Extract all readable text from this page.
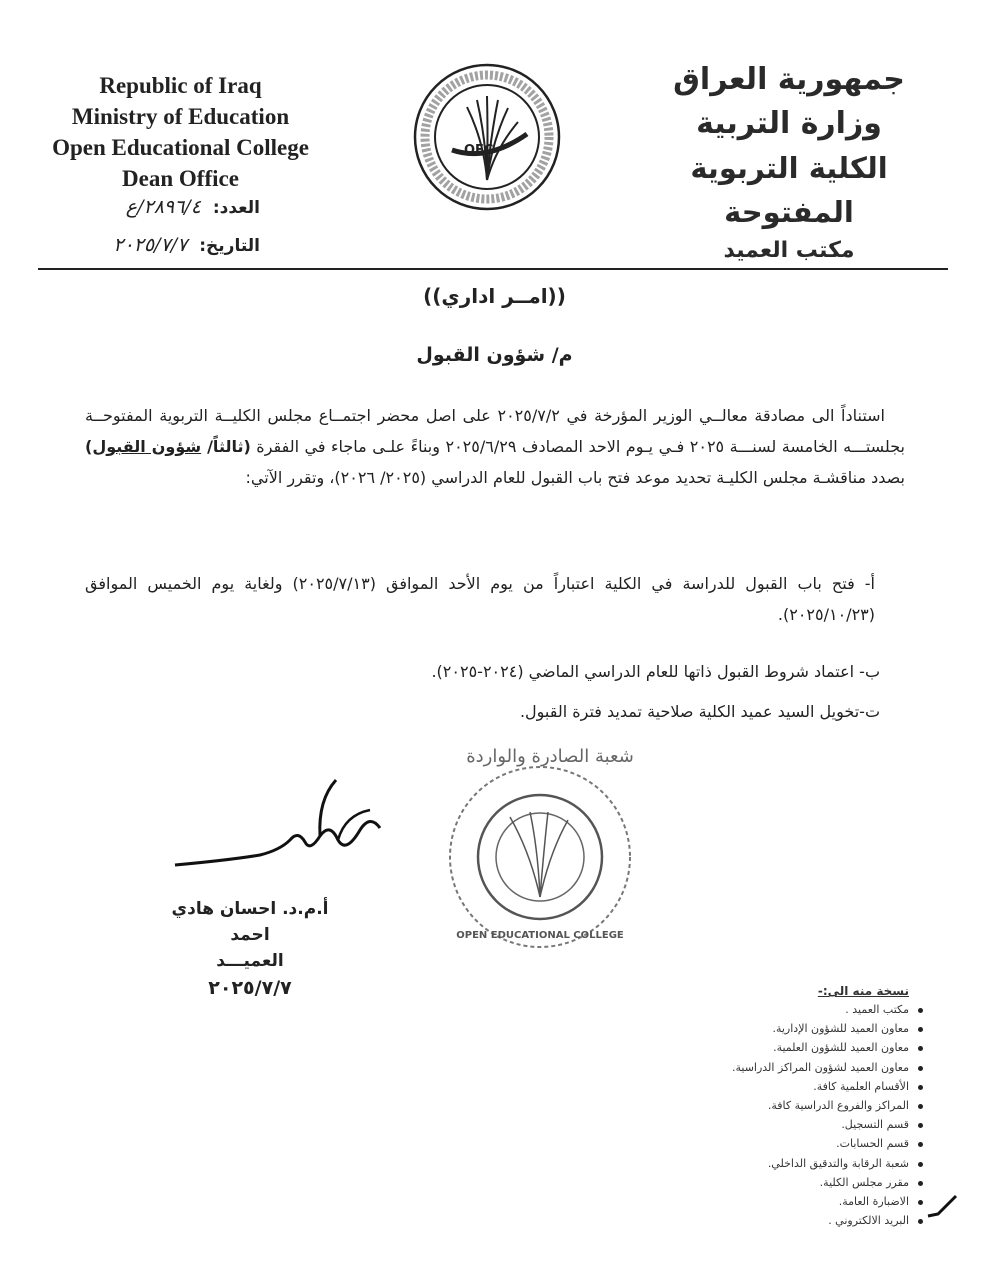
Republic of Iraq
Ministry of Education
Open Educational College
Dean Office
OEC
جمهورية العراق
وزارة التربية
الكلية التربوية المفتوحة
مكتب العميد
العدد: ٢٨٩٦/٤/ع
التاريخ: ٢٠٢٥/٧/٧
((امــر اداري))
م/ شؤون القبول
استناداً الى مصادقة معالــي الوزير المؤرخة في ٢٠٢٥/٧/٢ على اصل محضر اجتمــاع مجلس الكليــة التربوية المفتوحــة بجلستـــه الخامسة لسنـــة ٢٠٢٥ فـي يـوم الاحد المصادف ٢٠٢٥/٦/٢٩ وبناءً علـى ماجاء في الفقرة (ثالثاً/ شؤون القبول) بصدد مناقشـة مجلس الكليـة تحديد موعد فتح باب القبول للعام الدراسي (٢٠٢٥/ ٢٠٢٦)، وتقرر الآتي:
أ- فتح باب القبول للدراسة في الكلية اعتباراً من يوم الأحد الموافق (٢٠٢٥/٧/١٣) ولغاية يوم الخميس الموافق (٢٠٢٥/١٠/٢٣).
ب- اعتماد شروط القبول ذاتها للعام الدراسي الماضي (٢٠٢٤-٢٠٢٥).
ت-تخويل السيد عميد الكلية صلاحية تمديد فترة القبول.
شعبة الصادرة والواردة
OPEN EDUCATIONAL COLLEGE
أ.م.د. احسان هادي احمد
العميـــد
٢٠٢٥/٧/٧	نسخة منه الى:-
مكتب العميد .
معاون العميد للشؤون الإدارية.
معاون العميد للشؤون العلمية.
معاون العميد لشؤون المراكز الدراسية.
الأقسام العلمية كافة.
المراكز والفروع الدراسية كافة.
قسم التسجيل.
قسم الحسابات.
شعبة الرقابة والتدقيق الداخلي.
مقرر مجلس الكلية.
الاضبارة العامة.
البريد الالكتروني .
